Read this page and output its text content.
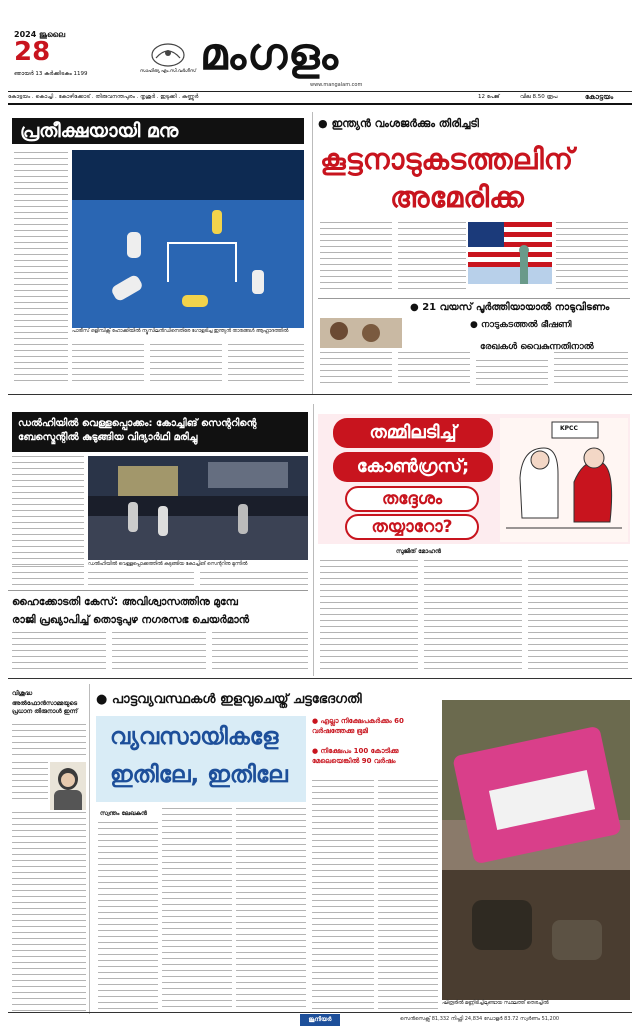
2024 ജൂലൈ
28
ഞായർ 13 കർക്കിടകം 1199	സാഹിത്യ എം.സി.വർഗീസ് മംഗളം
www.mangalam.com
കോട്ടയം . കൊച്ചി . കോഴിക്കോട് . തിരുവനന്തപുരം . തൃശൂർ . ഇടുക്കി . കണ്ണൂർ	12 പേജ്	വില 8.50 രൂപ	കോട്ടയം
പ്രതീക്ഷയായി മനു
പാരീസ് ഒളിമ്പിക്സ് ഹോക്കിയിൽ ന്യൂസിലൻഡിനെതിരേ ഗോളടിച്ച ഇന്ത്യൻ താരങ്ങൾ ആഹ്ലാദത്തിൽ
● ഇന്ത്യൻ വംശജർക്കും തിരിച്ചടി
കൂട്ടനാടുകടത്തലിന്
അമേരിക്ക
● 21 വയസ് പൂർത്തിയായാൽ നാടുവിടണം
● നാടുകടത്തൽ ഭീഷണി
രേഖകൾ വൈകുന്നതിനാൽ
ഡൽഹിയിൽ വെള്ളപ്പൊക്കം: കോച്ചിങ് സെന്ററിന്റെ ബേസ്മെന്റിൽ കുടുങ്ങിയ വിദ്യാർഥി മരിച്ചു
ഡൽഹിയിൽ വെള്ളപ്പൊക്കത്തിൽ കുടുങ്ങിയ കോച്ചിങ് സെന്ററിനു മുന്നിൽ
തമ്മിലടിച്ച്
കോൺഗ്രസ്;
തദ്ദേശം
തയ്യാറോ?
KPCC
സുജിത് മോഹൻ
ഹൈക്കോടതി കേസ്: അവിശ്വാസത്തിനു മുമ്പേ
രാജി പ്രഖ്യാപിച്ച് തൊടുപുഴ നഗരസഭ ചെയർമാൻ
വിശുദ്ധ
അൽഫോൻസാമ്മയുടെ പ്രധാന തിരുനാൾ ഇന്ന്
● പാട്ടവ്യവസ്ഥകൾ ഇളവുചെയ്ത് ചട്ടഭേദഗതി
വ്യവസായികളേ
ഇതിലേ, ഇതിലേ
● എല്ലാ നിക്ഷേപകർക്കും 60 വർഷത്തേക്കു ഭൂമി
● നിക്ഷേപം 100 കോടിക്കു മേലെയെങ്കിൽ 90 വർഷം
സ്വന്തം ലേഖകൻ
ഷിരൂരിൽ മണ്ണിടിച്ചിലുണ്ടായ സ്ഥലത്ത് തെരച്ചിൽ
ജൂനിയർ	സെൻസെക്സ് 81,332 നിഫ്റ്റി 24,834 ഡോളർ 83.72 സ്വർണം 51,200
